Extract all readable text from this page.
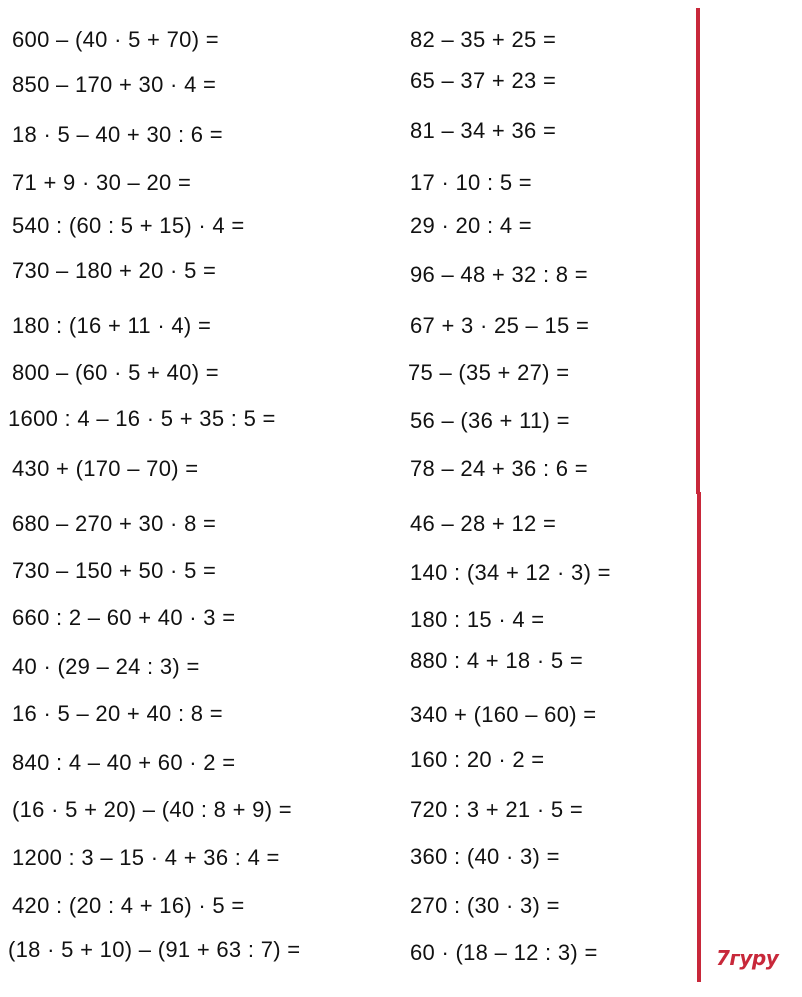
600 – (40 · 5 + 70) =
850 – 170 + 30 · 4 =
18 · 5 – 40 + 30 : 6 =
71 + 9 · 30 – 20 =
540 : (60 : 5 + 15) · 4 =
730 – 180 + 20 · 5 =
180 : (16 + 11 · 4) =
800 – (60 · 5 + 40) =
1600 : 4 – 16 · 5 + 35 : 5 =
430 + (170 – 70) =
680 – 270 + 30 · 8 =
730 – 150 + 50 · 5 =
660 : 2 – 60 + 40 · 3 =
40 · (29 – 24 : 3) =
16 · 5 – 20 + 40 : 8 =
840 : 4 – 40 + 60 · 2 =
(16 · 5 + 20) – (40 : 8 + 9) =
1200 : 3 – 15 · 4 + 36 : 4 =
420 : (20 : 4 + 16) · 5 =
(18 · 5 + 10) – (91 + 63 : 7) =
82 – 35 + 25 =
65 – 37 + 23 =
81 – 34 + 36 =
17 · 10 : 5 =
29 · 20 : 4 =
96 – 48 + 32 : 8 =
67 + 3 · 25 – 15 =
75 – (35 + 27) =
56 – (36 + 11) =
78 – 24 + 36 : 6 =
46 – 28 + 12 =
140 : (34 + 12 · 3) =
180 : 15 · 4 =
880 : 4 + 18 · 5 =
340 + (160 – 60) =
160 : 20 · 2 =
720 : 3 + 21 · 5 =
360 : (40 · 3) =
270 : (30 · 3) =
60 · (18 – 12 : 3) =	7гуру
